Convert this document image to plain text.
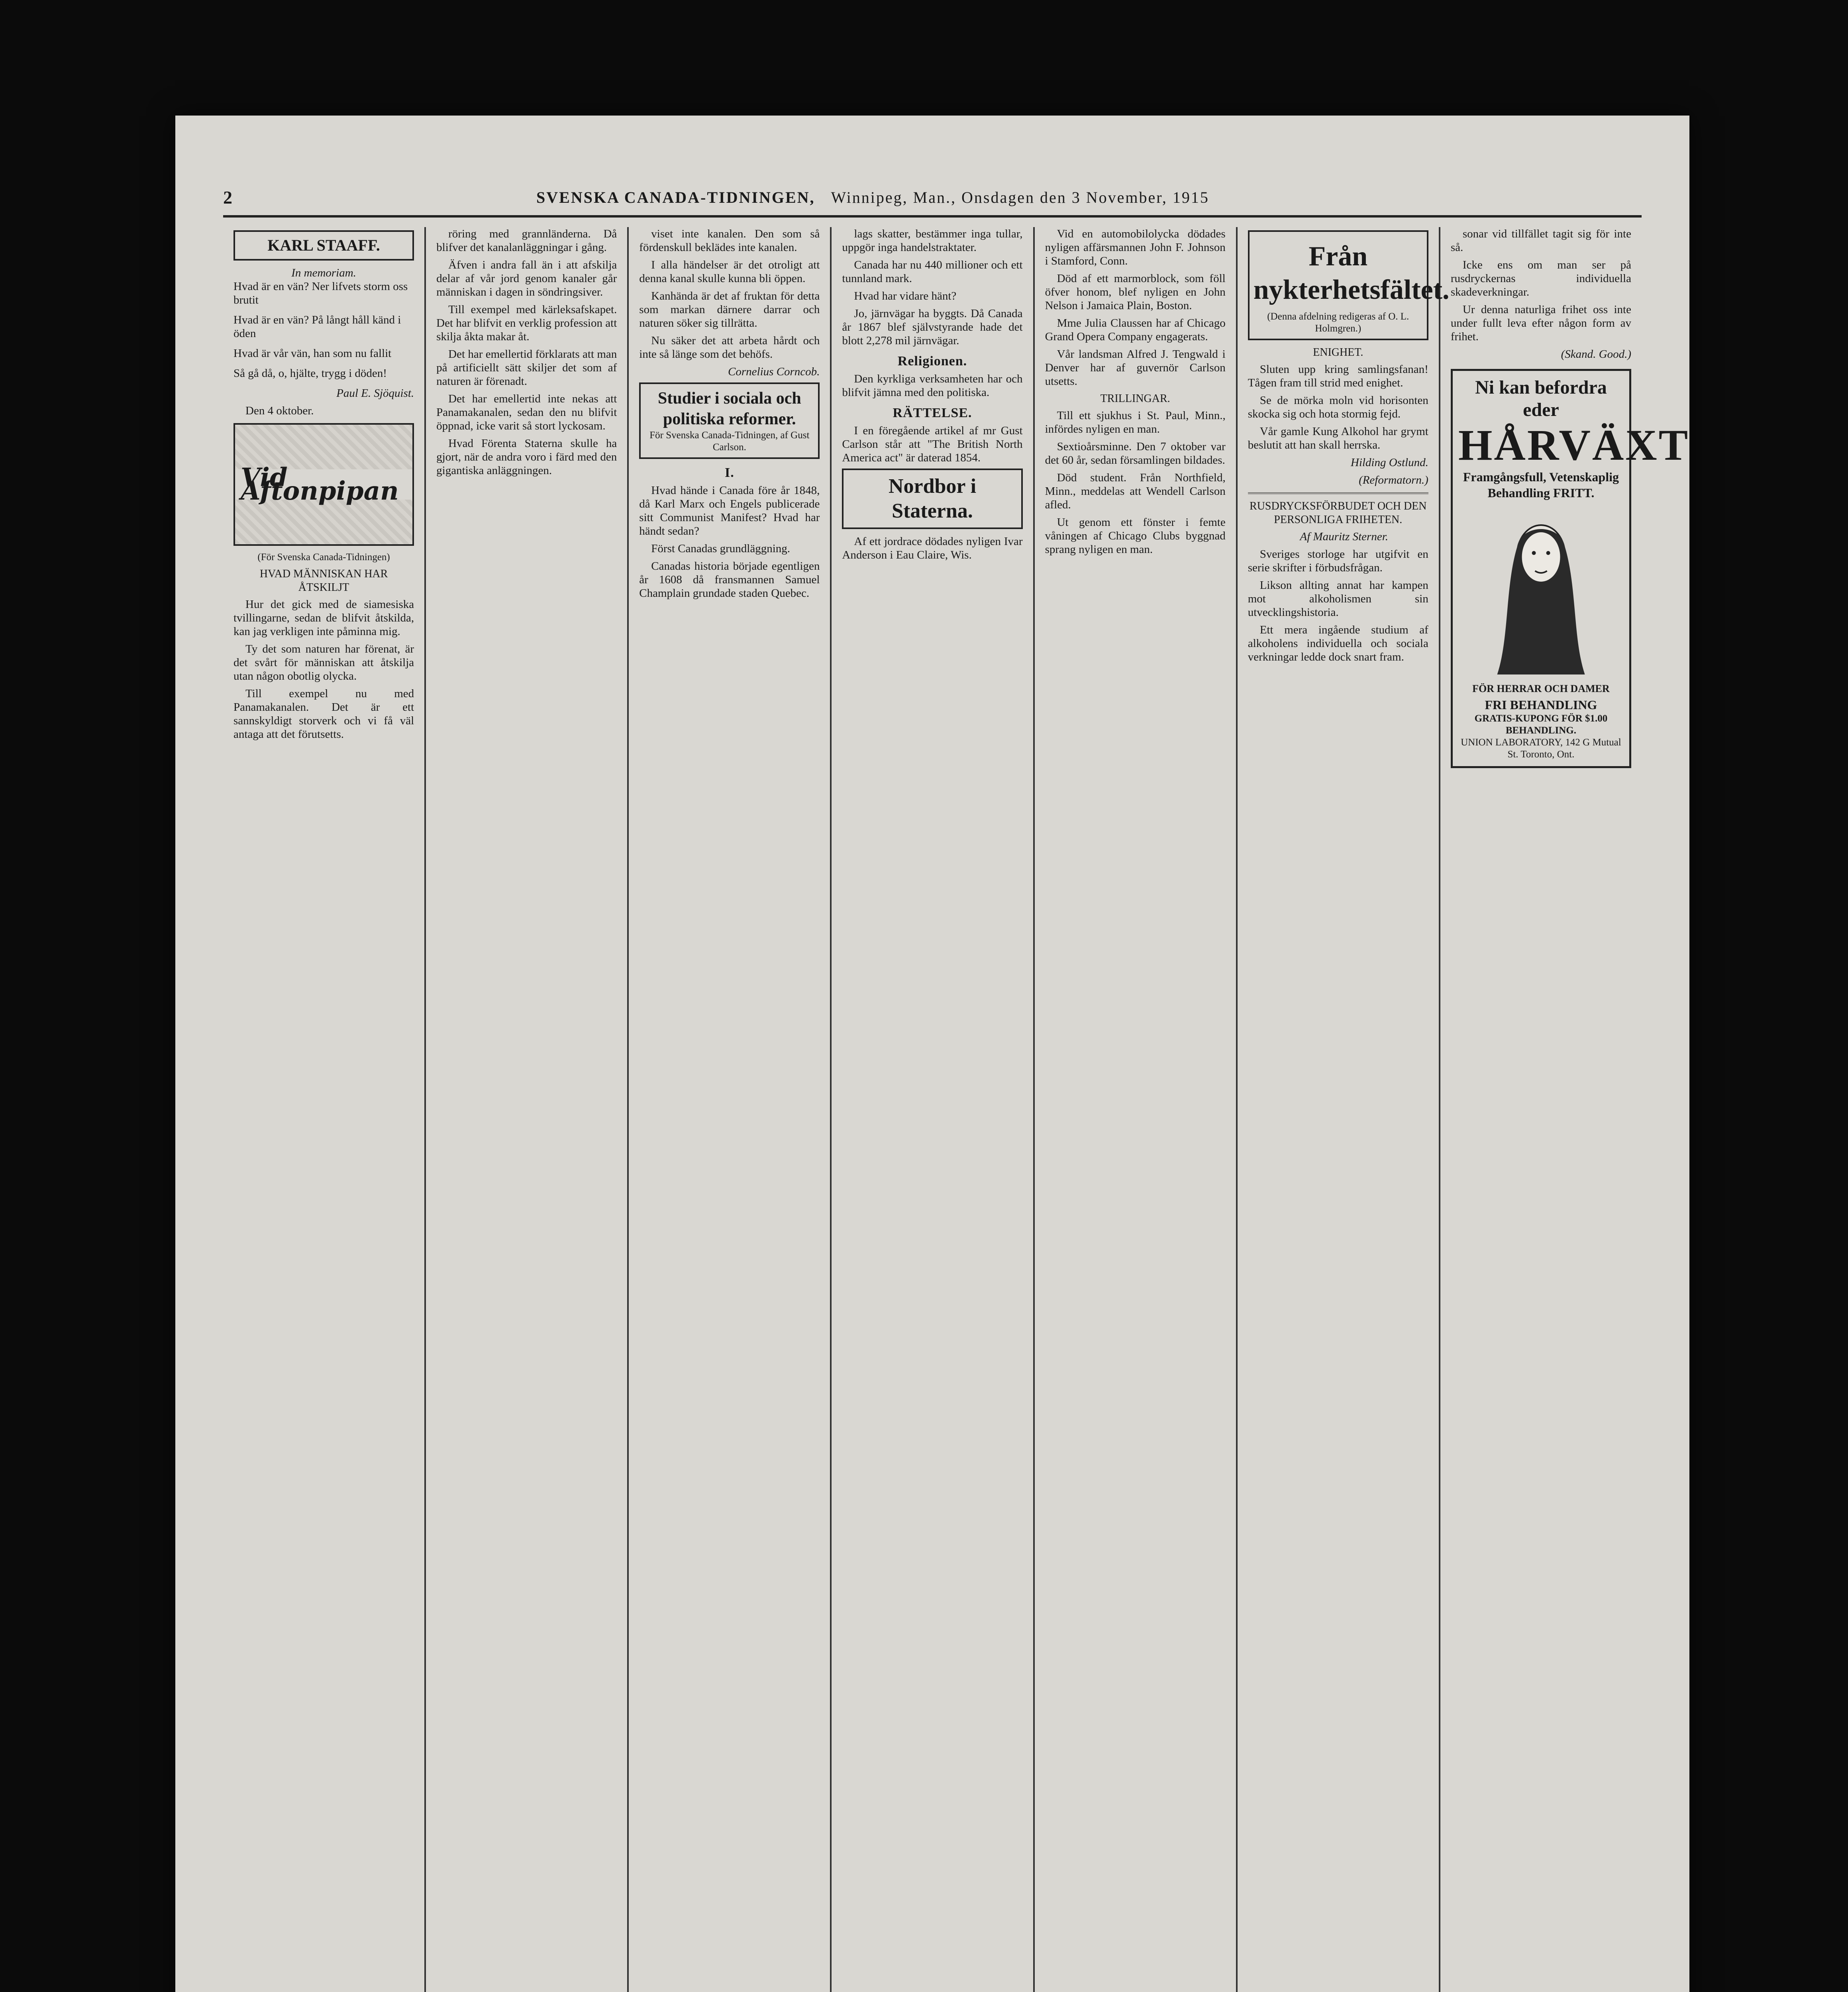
2	SVENSKA CANADA-TIDNINGEN, Winnipeg, Man., Onsdagen den 3 November, 1915
KARL STAAFF.
In memoriam.

Hvad är en vän? Ner lifvets storm oss brutit

Hvad är en vän? På långt håll känd i öden

Hvad är vår vän, han som nu fallit

Så gå då, o, hjälte, trygg i döden!

Paul E. Sjöquist.

Den 4 oktober.

Vid Aftonpipan

(För Svenska Canada-Tidningen)

HVAD MÄNNISKAN HAR ÅTSKILJT

Hur det gick med de siamesiska tvillingarne, sedan de blifvit åtskilda, kan jag verkligen inte påminna mig.

Ty det som naturen har förenat, är det svårt för människan att åtskilja utan någon obotlig olycka.

Till exempel nu med Panamakanalen. Det är ett sannskyldigt storverk och vi få väl antaga att det förutsetts.

röring med grannländerna. Då blifver det kanalanläggningar i gång.

Äfven i andra fall än i att afskilja delar af vår jord genom kanaler går människan i dagen in söndringsiver.

Till exempel med kärleksafskapet. Det har blifvit en verklig profession att skilja åkta makar åt.

Det har emellertid förklarats att man på artificiellt sätt skiljer det som af naturen är förenadt.

Det har emellertid inte nekas att Panamakanalen, sedan den nu blifvit öppnad, icke varit så stort lyckosam.

Hvad Förenta Staterna skulle ha gjort, när de andra voro i färd med den gigantiska anläggningen.

viset inte kanalen. Den som så fördenskull beklädes inte kanalen.

I alla händelser är det otroligt att denna kanal skulle kunna bli öppen.

Kanhända är det af fruktan för detta som markan därnere darrar och naturen söker sig tillrätta.

Nu säker det att arbeta hårdt och inte så länge som det behöfs.

Cornelius Corncob.

Studier i sociala och politiska reformer.
För Svenska Canada-Tidningen, af Gust Carlson.
I.

Hvad hände i Canada före år 1848, då Karl Marx och Engels publicerade sitt Communist Manifest? Hvad har händt sedan?

Först Canadas grundläggning.

Canadas historia började egentligen år 1608 då fransmannen Samuel Champlain grundade staden Quebec.

lags skatter, bestämmer inga tullar, uppgör inga handelstraktater.

Canada har nu 440 millioner och ett tunnland mark.

Hvad har vidare hänt?

Jo, järnvägar ha byggts. Då Canada år 1867 blef självstyrande hade det blott 2,278 mil järnvägar.

Religionen.

Den kyrkliga verksamheten har och blifvit jämna med den politiska.

RÄTTELSE.

I en föregående artikel af mr Gust Carlson står att "The British North America act" är daterad 1854.

Nordbor i Staterna.

Af ett jordrace dödades nyligen Ivar Anderson i Eau Claire, Wis.

Vid en automobilolycka dödades nyligen affärsmannen John F. Johnson i Stamford, Conn.

Död af ett marmorblock, som föll öfver honom, blef nyligen en John Nelson i Jamaica Plain, Boston.

Mme Julia Claussen har af Chicago Grand Opera Company engagerats.

Vår landsman Alfred J. Tengwald i Denver har af guvernör Carlson utsetts.

TRILLINGAR.

Till ett sjukhus i St. Paul, Minn., infördes nyligen en man.

Sextioårsminne. Den 7 oktober var det 60 år, sedan församlingen bildades.

Död student. Från Northfield, Minn., meddelas att Wendell Carlson afled.

Ut genom ett fönster i femte våningen af Chicago Clubs byggnad sprang nyligen en man.

Från nykterhetsfältet.
(Denna afdelning redigeras af O. L. Holmgren.)
ENIGHET.

Sluten upp kring samlingsfanan! Tågen fram till strid med enighet.

Se de mörka moln vid horisonten skocka sig och hota stormig fejd.

Vår gamle Kung Alkohol har grymt beslutit att han skall herrska.

Hilding Ostlund.

(Reformatorn.)

RUSDRYCKSFÖRBUDET OCH DEN PERSONLIGA FRIHETEN.

Af Mauritz Sterner.

Sveriges storloge har utgifvit en serie skrifter i förbudsfrågan.

Likson allting annat har kampen mot alkoholismen sin utvecklingshistoria.

Ett mera ingående studium af alkoholens individuella och sociala verkningar ledde dock snart fram.

sonar vid tillfället tagit sig för inte så.

Icke ens om man ser på rusdryckernas individuella skadeverkningar.

Ur denna naturliga frihet oss inte under fullt leva efter någon form av frihet.

(Skand. Good.)

Ni kan befordra eder
HÅRVÄXT
Framgångsfull, Vetenskaplig Behandling FRITT.
FÖR HERRAR OCH DAMER
FRI BEHANDLING
GRATIS-KUPONG FÖR $1.00 BEHANDLING.
UNION LABORATORY, 142 G Mutual St. Toronto, Ont.
